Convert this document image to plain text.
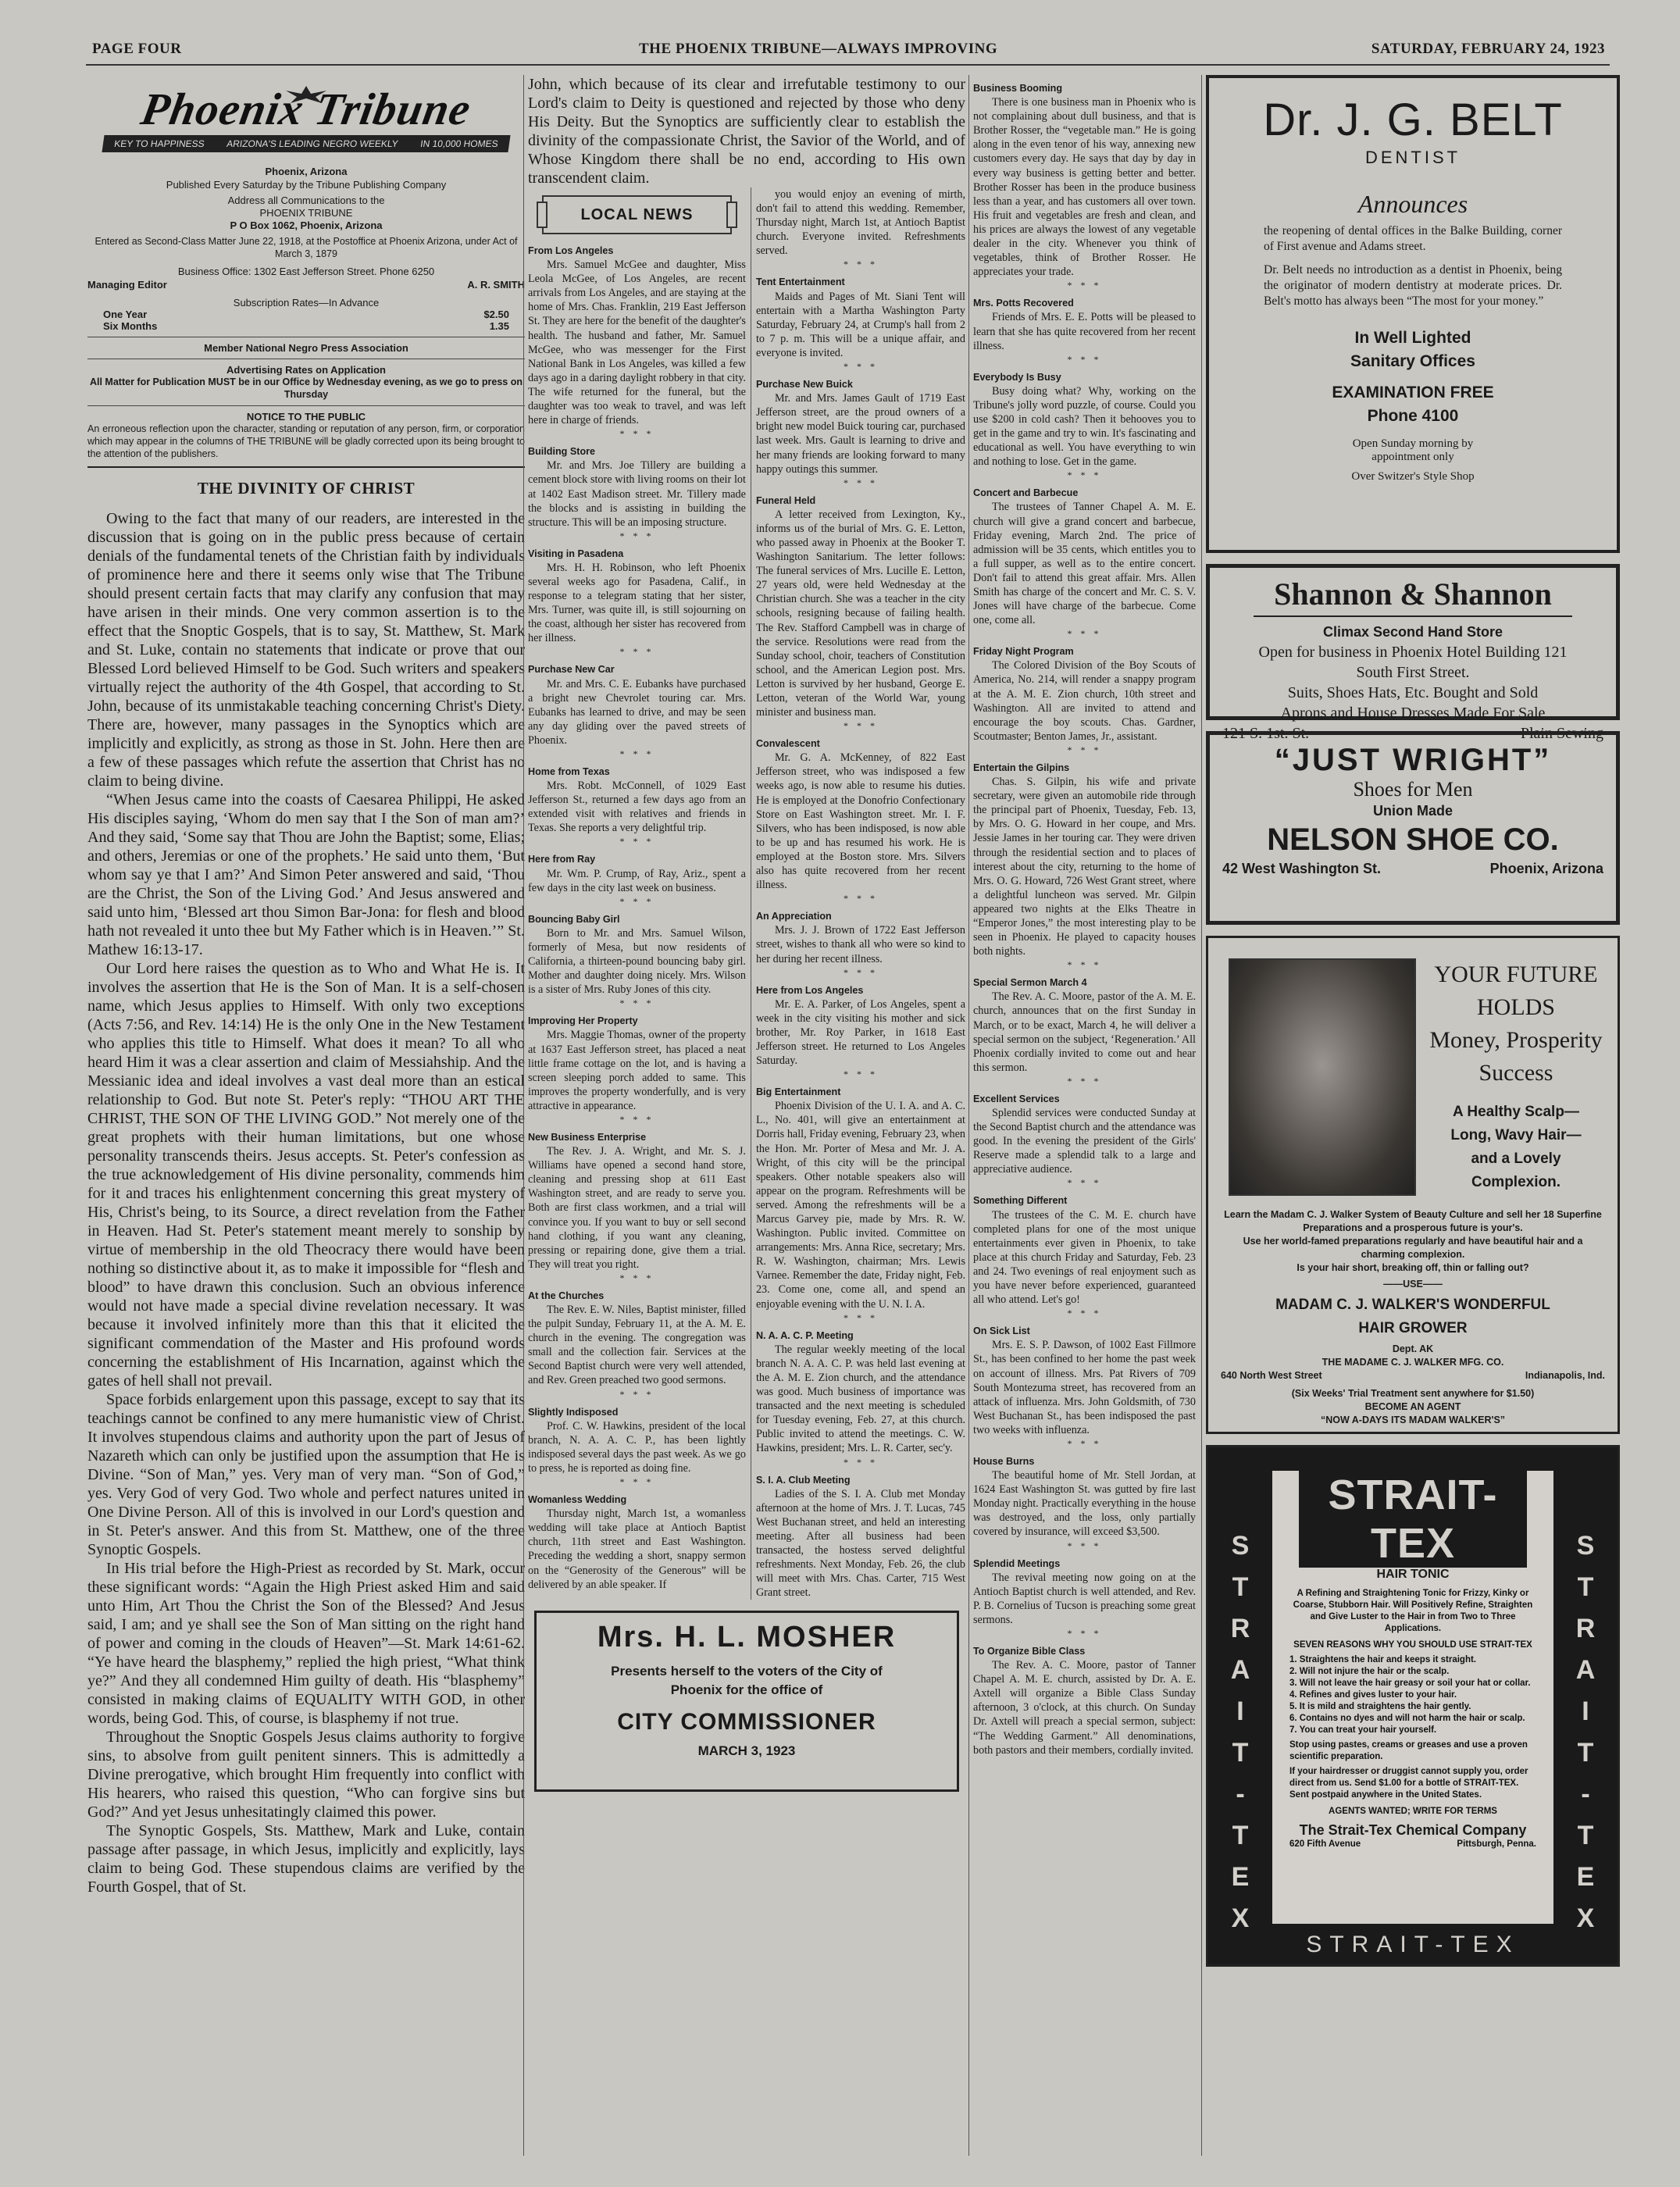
PAGE FOUR	THE PHOENIX TRIBUNE—ALWAYS IMPROVING	SATURDAY, FEBRUARY 24, 1923
Phoenix Tribune
KEY TO HAPPINESS ARIZONA'S LEADING NEGRO WEEKLY IN 10,000 HOMES
Phoenix, Arizona
Published Every Saturday by the Tribune Publishing Company
Address all Communications to the
PHOENIX TRIBUNE
P O Box 1062, Phoenix, Arizona
Entered as Second-Class Matter June 22, 1918, at the Postoffice at Phoenix Arizona, under Act of March 3, 1879
Business Office: 1302 East Jefferson Street. Phone 6250
Managing Editor	A. R. SMITH
Subscription Rates—In Advance
One Year	$2.50
Six Months	1.35
Member National Negro Press Association
Advertising Rates on Application
All Matter for Publication MUST be in our Office by Wednesday evening, as we go to press on Thursday
NOTICE TO THE PUBLIC
An erroneous reflection upon the character, standing or reputation of any person, firm, or corporation which may appear in the columns of THE TRIBUNE will be gladly corrected upon its being brought to the attention of the publishers.
THE DIVINITY OF CHRIST

Owing to the fact that many of our readers, are interested in the discussion that is going on in the public press because of certain denials of the fundamental tenets of the Christian faith by individuals of prominence here and there it seems only wise that The Tribune should present certain facts that may clarify any confusion that may have arisen in their minds. One very common assertion is to the effect that the Snoptic Gospels, that is to say, St. Matthew, St. Mark and St. Luke, contain no statements that indicate or prove that our Blessed Lord believed Himself to be God. Such writers and speakers virtually reject the authority of the 4th Gospel, that according to St. John, because of its unmistakable teaching concerning Christ's Diety. There are, however, many passages in the Synoptics which are implicitly and explicitly, as strong as those in St. John. Here then are a few of these passages which refute the assertion that Christ has no claim to being divine.

“When Jesus came into the coasts of Caesarea Philippi, He asked His disciples saying, ‘Whom do men say that I the Son of man am?’ And they said, ‘Some say that Thou are John the Baptist; some, Elias; and others, Jeremias or one of the prophets.’ He said unto them, ‘But whom say ye that I am?’ And Simon Peter answered and said, ‘Thou are the Christ, the Son of the Living God.’ And Jesus answered and said unto him, ‘Blessed art thou Simon Bar-Jona: for flesh and blood hath not revealed it unto thee but My Father which is in Heaven.’” St. Mathew 16:13-17.

Our Lord here raises the question as to Who and What He is. It involves the assertion that He is the Son of Man. It is a self-chosen name, which Jesus applies to Himself. With only two exceptions (Acts 7:56, and Rev. 14:14) He is the only One in the New Testament who applies this title to Himself. What does it mean? To all who heard Him it was a clear assertion and claim of Messiahship. And the Messianic idea and ideal involves a vast deal more than an estical relationship to God. But note St. Peter's reply: “THOU ART THE CHRIST, THE SON OF THE LIVING GOD.” Not merely one of the great prophets with their human limitations, but one whose personality transcends theirs. Jesus accepts. St. Peter's confession as the true acknowledgement of His divine personality, commends him for it and traces his enlightenment concerning this great mystery of His, Christ's being, to its Source, a direct revelation from the Father in Heaven. Had St. Peter's statement meant merely to sonship by virtue of membership in the old Theocracy there would have been nothing so distinctive about it, as to make it impossible for “flesh and blood” to have drawn this conclusion. Such an obvious inference would not have made a special divine revelation necessary. It was because it involved infinitely more than this that it elicited the significant commendation of the Master and His profound words concerning the establishment of His Incarnation, against which the gates of hell shall not prevail.

Space forbids enlargement upon this passage, except to say that its teachings cannot be confined to any mere humanistic view of Christ. It involves stupendous claims and authority upon the part of Jesus of Nazareth which can only be justified upon the assumption that He is Divine. “Son of Man,” yes. Very man of very man. “Son of God,” yes. Very God of very God. Two whole and perfect natures united in One Divine Person. All of this is involved in our Lord's question and in St. Peter's answer. And this from St. Matthew, one of the three Synoptic Gospels.

In His trial before the High-Priest as recorded by St. Mark, occur these significant words: “Again the High Priest asked Him and said unto Him, Art Thou the Christ the Son of the Blessed? And Jesus said, I am; and ye shall see the Son of Man sitting on the right hand of power and coming in the clouds of Heaven”—St. Mark 14:61-62. “Ye have heard the blasphemy,” replied the high priest, “What think ye?” And they all condemned Him guilty of death. His “blasphemy” consisted in making claims of EQUALITY WITH GOD, in other words, being God. This, of course, is blasphemy if not true.

Throughout the Snoptic Gospels Jesus claims authority to forgive sins, to absolve from guilt penitent sinners. This is admittedly a Divine prerogative, which brought Him frequently into conflict with His hearers, who raised this question, “Who can forgive sins but God?” And yet Jesus unhesitatingly claimed this power.

The Synoptic Gospels, Sts. Matthew, Mark and Luke, contain passage after passage, in which Jesus, implicitly and explicitly, lays claim to being God. These stupendous claims are verified by the Fourth Gospel, that of St.

John, which because of its clear and irrefutable testimony to our Lord's claim to Deity is questioned and rejected by those who deny His Deity. But the Synoptics are sufficiently clear to establish the divinity of the compassionate Christ, the Savior of the World, and of Whose Kingdom there shall be no end, according to His own transcendent claim.
LOCAL NEWS
From Los Angeles

Mrs. Samuel McGee and daughter, Miss Leola McGee, of Los Angeles, are recent arrivals from Los Angeles, and are staying at the home of Mrs. Chas. Franklin, 219 East Jefferson St. They are here for the benefit of the daughter's health. The husband and father, Mr. Samuel McGee, who was messenger for the First National Bank in Los Angeles, was killed a few days ago in a daring daylight robbery in that city. The wife returned for the funeral, but the daughter was too weak to travel, and was left here in charge of friends.

* * *
Building Store

Mr. and Mrs. Joe Tillery are building a cement block store with living rooms on their lot at 1402 East Madison street. Mr. Tillery made the blocks and is assisting in building the structure. This will be an imposing structure.

* * *
Visiting in Pasadena

Mrs. H. H. Robinson, who left Phoenix several weeks ago for Pasadena, Calif., in response to a telegram stating that her sister, Mrs. Turner, was quite ill, is still sojourning on the coast, although her sister has recovered from her illness.

* * *
Purchase New Car

Mr. and Mrs. C. E. Eubanks have purchased a bright new Chevrolet touring car. Mrs. Eubanks has learned to drive, and may be seen any day gliding over the paved streets of Phoenix.

* * *
Home from Texas

Mrs. Robt. McConnell, of 1029 East Jefferson St., returned a few days ago from an extended visit with relatives and friends in Texas. She reports a very delightful trip.

* * *
Here from Ray

Mr. Wm. P. Crump, of Ray, Ariz., spent a few days in the city last week on business.

* * *
Bouncing Baby Girl

Born to Mr. and Mrs. Samuel Wilson, formerly of Mesa, but now residents of California, a thirteen-pound bouncing baby girl. Mother and daughter doing nicely. Mrs. Wilson is a sister of Mrs. Ruby Jones of this city.

* * *
Improving Her Property

Mrs. Maggie Thomas, owner of the property at 1637 East Jefferson street, has placed a neat little frame cottage on the lot, and is having a screen sleeping porch added to same. This improves the property wonderfully, and is very attractive in appearance.

* * *
New Business Enterprise

The Rev. J. A. Wright, and Mr. S. J. Williams have opened a second hand store, cleaning and pressing shop at 611 East Washington street, and are ready to serve you. Both are first class workmen, and a trial will convince you. If you want to buy or sell second hand clothing, if you want any cleaning, pressing or repairing done, give them a trial. They will treat you right.

* * *
At the Churches

The Rev. E. W. Niles, Baptist minister, filled the pulpit Sunday, February 11, at the A. M. E. church in the evening. The congregation was small and the collection fair. Services at the Second Baptist church were very well attended, and Rev. Green preached two good sermons.

* * *
Slightly Indisposed

Prof. C. W. Hawkins, president of the local branch, N. A. A. C. P., has been lightly indisposed several days the past week. As we go to press, he is reported as doing fine.

* * *
Womanless Wedding

Thursday night, March 1st, a womanless wedding will take place at Antioch Baptist church, 11th street and East Washington. Preceding the wedding a short, snappy sermon on the “Generosity of the Generous” will be delivered by an able speaker. If

you would enjoy an evening of mirth, don't fail to attend this wedding. Remember, Thursday night, March 1st, at Antioch Baptist church. Everyone invited. Refreshments served.

* * *
Tent Entertainment

Maids and Pages of Mt. Siani Tent will entertain with a Martha Washington Party Saturday, February 24, at Crump's hall from 2 to 7 p. m. This will be a unique affair, and everyone is invited.

* * *
Purchase New Buick

Mr. and Mrs. James Gault of 1719 East Jefferson street, are the proud owners of a bright new model Buick touring car, purchased last week. Mrs. Gault is learning to drive and her many friends are looking forward to many happy outings this summer.

* * *
Funeral Held

A letter received from Lexington, Ky., informs us of the burial of Mrs. G. E. Letton, who passed away in Phoenix at the Booker T. Washington Sanitarium. The letter follows: The funeral services of Mrs. Lucille E. Letton, 27 years old, were held Wednesday at the Christian church. She was a teacher in the city schools, resigning because of failing health. The Rev. Stafford Campbell was in charge of the service. Resolutions were read from the Sunday school, choir, teachers of Constitution school, and the American Legion post. Mrs. Letton is survived by her husband, George E. Letton, veteran of the World War, young minister and business man.

* * *
Convalescent

Mr. G. A. McKenney, of 822 East Jefferson street, who was indisposed a few weeks ago, is now able to resume his duties. He is employed at the Donofrio Confectionary Store on East Washington street. Mr. I. F. Silvers, who has been indisposed, is now able to be up and has resumed his work. He is employed at the Boston store. Mrs. Silvers also has quite recovered from her recent illness.

* * *
An Appreciation

Mrs. J. J. Brown of 1722 East Jefferson street, wishes to thank all who were so kind to her during her recent illness.

* * *
Here from Los Angeles

Mr. E. A. Parker, of Los Angeles, spent a week in the city visiting his mother and sick brother, Mr. Roy Parker, in 1618 East Jefferson street. He returned to Los Angeles Saturday.

* * *
Big Entertainment

Phoenix Division of the U. I. A. and A. C. L., No. 401, will give an entertainment at Dorris hall, Friday evening, February 23, when the Hon. Mr. Porter of Mesa and Mr. J. A. Wright, of this city will be the principal speakers. Other notable speakers also will appear on the program. Refreshments will be served. Among the refreshments will be a Marcus Garvey pie, made by Mrs. R. W. Washington. Public invited. Committee on arrangements: Mrs. Anna Rice, secretary; Mrs. R. W. Washington, chairman; Mrs. Lewis Varnee. Remember the date, Friday night, Feb. 23. Come one, come all, and spend an enjoyable evening with the U. N. I. A.

* * *
N. A. A. C. P. Meeting

The regular weekly meeting of the local branch N. A. A. C. P. was held last evening at the A. M. E. Zion church, and the attendance was good. Much business of importance was transacted and the next meeting is scheduled for Tuesday evening, Feb. 27, at this church. Public invited to attend the meetings. C. W. Hawkins, president; Mrs. L. R. Carter, sec'y.

* * *
S. I. A. Club Meeting

Ladies of the S. I. A. Club met Monday afternoon at the home of Mrs. J. T. Lucas, 745 West Buchanan street, and held an interesting meeting. After all business had been transacted, the hostess served delightful refreshments. Next Monday, Feb. 26, the club will meet with Mrs. Chas. Carter, 715 West Grant street.

Mrs. H. L. MOSHER
Presents herself to the voters of the City of
Phoenix for the office of
CITY COMMISSIONER
MARCH 3, 1923
Business Booming

There is one business man in Phoenix who is not complaining about dull business, and that is Brother Rosser, the “vegetable man.” He is going along in the even tenor of his way, annexing new customers every day. He says that day by day in every way business is getting better and better. Brother Rosser has been in the produce business less than a year, and has customers all over town. His fruit and vegetables are fresh and clean, and his prices are always the lowest of any vegetable dealer in the city. Whenever you think of vegetables, think of Brother Rosser. He appreciates your trade.

* * *
Mrs. Potts Recovered

Friends of Mrs. E. E. Potts will be pleased to learn that she has quite recovered from her recent illness.

* * *
Everybody Is Busy

Busy doing what? Why, working on the Tribune's jolly word puzzle, of course. Could you use $200 in cold cash? Then it behooves you to get in the game and try to win. It's fascinating and educational as well. You have everything to win and nothing to lose. Get in the game.

* * *
Concert and Barbecue

The trustees of Tanner Chapel A. M. E. church will give a grand concert and barbecue, Friday evening, March 2nd. The price of admission will be 35 cents, which entitles you to a full supper, as well as to the entire concert. Don't fail to attend this great affair. Mrs. Allen Smith has charge of the concert and Mr. C. S. V. Jones will have charge of the barbecue. Come one, come all.

* * *
Friday Night Program

The Colored Division of the Boy Scouts of America, No. 214, will render a snappy program at the A. M. E. Zion church, 10th street and Washington. All are invited to attend and encourage the boy scouts. Chas. Gardner, Scoutmaster; Benton James, Jr., assistant.

* * *
Entertain the Gilpins

Chas. S. Gilpin, his wife and private secretary, were given an automobile ride through the principal part of Phoenix, Tuesday, Feb. 13, by Mrs. O. G. Howard in her coupe, and Mrs. Jessie James in her touring car. They were driven through the residential section and to places of interest about the city, returning to the home of Mrs. O. G. Howard, 726 West Grant street, where a delightful luncheon was served. Mr. Gilpin appeared two nights at the Elks Theatre in “Emperor Jones,” the most interesting play to be seen in Phoenix. He played to capacity houses both nights.

* * *
Special Sermon March 4

The Rev. A. C. Moore, pastor of the A. M. E. church, announces that on the first Sunday in March, or to be exact, March 4, he will deliver a special sermon on the subject, ‘Regeneration.’ All Phoenix cordially invited to come out and hear this sermon.

* * *
Excellent Services

Splendid services were conducted Sunday at the Second Baptist church and the attendance was good. In the evening the president of the Girls' Reserve made a splendid talk to a large and appreciative audience.

* * *
Something Different

The trustees of the C. M. E. church have completed plans for one of the most unique entertainments ever given in Phoenix, to take place at this church Friday and Saturday, Feb. 23 and 24. Two evenings of real enjoyment such as you have never before experienced, guaranteed all who attend. Let's go!

* * *
On Sick List

Mrs. E. S. P. Dawson, of 1002 East Fillmore St., has been confined to her home the past week on account of illness. Mrs. Pat Rivers of 709 South Montezuma street, has recovered from an attack of influenza. Mrs. John Goldsmith, of 730 West Buchanan St., has been indisposed the past two weeks with influenza.

* * *
House Burns

The beautiful home of Mr. Stell Jordan, at 1624 East Washington St. was gutted by fire last Monday night. Practically everything in the house was destroyed, and the loss, only partially covered by insurance, will exceed $3,500.

* * *
Splendid Meetings

The revival meeting now going on at the Antioch Baptist church is well attended, and Rev. P. B. Cornelius of Tucson is preaching some great sermons.

* * *
To Organize Bible Class

The Rev. A. C. Moore, pastor of Tanner Chapel A. M. E. church, assisted by Dr. A. E. Axtell will organize a Bible Class Sunday afternoon, 3 o'clock, at this church. On Sunday Dr. Axtell will preach a special sermon, subject: “The Wedding Garment.” All denominations, both pastors and their members, cordially invited.

Dr. J. G. BELT
DENTIST
Announces
the reopening of dental offices in the Balke Building, corner of First avenue and Adams street.
Dr. Belt needs no introduction as a dentist in Phoenix, being the originator of modern dentistry at moderate prices. Dr. Belt's motto has always been “The most for your money.”
In Well Lighted
Sanitary Offices
EXAMINATION FREE
Phone 4100
Open Sunday morning by
appointment only
Over Switzer's Style Shop
Shannon & Shannon
Climax Second Hand Store
Open for business in Phoenix Hotel Building 121
South First Street.
Suits, Shoes Hats, Etc. Bought and Sold
Aprons and House Dresses Made For Sale
121 S. 1st. St.	Plain Sewing
“JUST WRIGHT”
Shoes for Men
Union Made
NELSON SHOE CO.
42 West Washington St.	Phoenix, Arizona
YOUR FUTURE
HOLDS
Money, Prosperity
Success
A Healthy Scalp—
Long, Wavy Hair—
and a Lovely Complexion.
Learn the Madam C. J. Walker System of Beauty Culture and sell her 18 Superfine Preparations and a prosperous future is your's.
Use her world-famed preparations regularly and have beautiful hair and a charming complexion.
Is your hair short, breaking off, thin or falling out?
——USE——
MADAM C. J. WALKER'S WONDERFUL
HAIR GROWER
Dept. AK
THE MADAME C. J. WALKER MFG. CO.
640 North West Street	Indianapolis, Ind.
(Six Weeks' Trial Treatment sent anywhere for $1.50)
BECOME AN AGENT
“NOW A-DAYS ITS MADAM WALKER'S”
S
T
R
A
I
T
-
T
E
X
S
T
R
A
I
T
-
T
E
X
STRAIT-TEX
HAIR TONIC
A Refining and Straightening Tonic for Frizzy, Kinky or Coarse, Stubborn Hair. Will Positively Refine, Straighten and Give Luster to the Hair in from Two to Three Applications.
SEVEN REASONS WHY YOU SHOULD USE STRAIT-TEX
1. Straightens the hair and keeps it straight.
2. Will not injure the hair or the scalp.
3. Will not leave the hair greasy or soil your hat or collar.
4. Refines and gives luster to your hair.
5. It is mild and straightens the hair gently.
6. Contains no dyes and will not harm the hair or scalp.
7. You can treat your hair yourself.
Stop using pastes, creams or greases and use a proven scientific preparation.
If your hairdresser or druggist cannot supply you, order direct from us. Send $1.00 for a bottle of STRAIT-TEX. Sent postpaid anywhere in the United States.
AGENTS WANTED; WRITE FOR TERMS
The Strait-Tex Chemical Company
620 Fifth Avenue	Pittsburgh, Penna.
STRAIT-TEX
